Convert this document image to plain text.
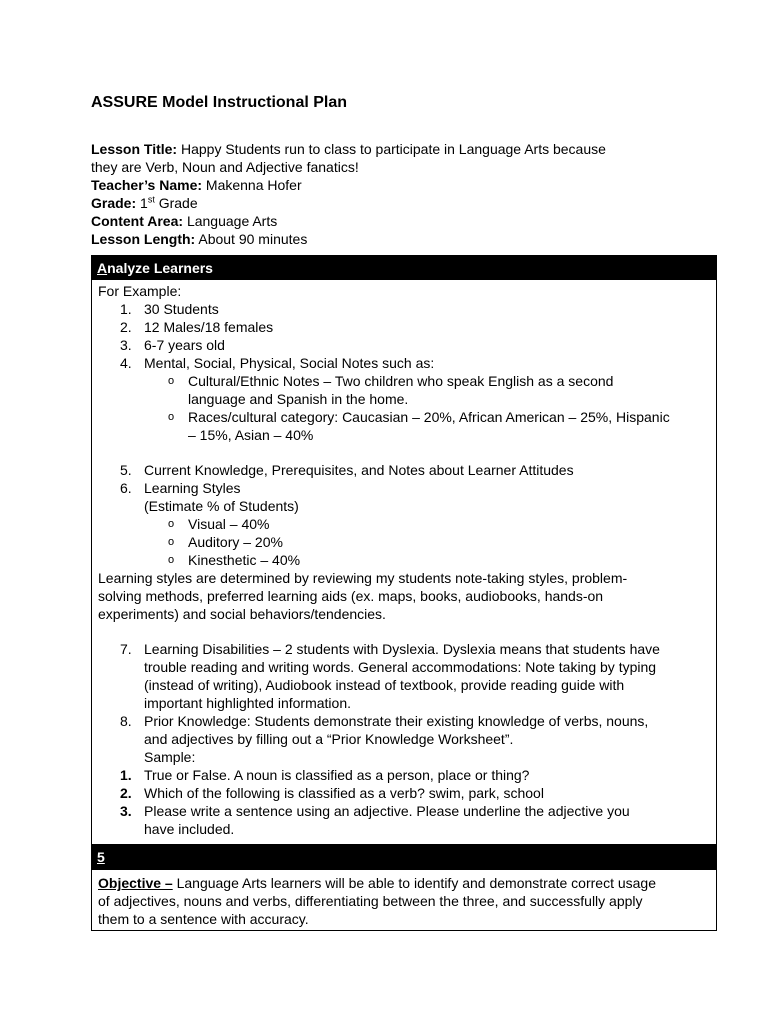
ASSURE Model Instructional Plan
Lesson Title: Happy Students run to class to participate in Language Arts because
they are Verb, Noun and Adjective fanatics!
Teacher’s Name: Makenna Hofer
Grade: 1st Grade
Content Area: Language Arts
Lesson Length: About 90 minutes
Analyze Learners
For Example:
1. 30 Students
2. 12 Males/18 females
3. 6-7 years old
4. Mental, Social, Physical, Social Notes such as:
o Cultural/Ethnic Notes – Two children who speak English as a second
language and Spanish in the home.
o Races/cultural category: Caucasian – 20%, African American – 25%, Hispanic
– 15%, Asian – 40%
5. Current Knowledge, Prerequisites, and Notes about Learner Attitudes
6. Learning Styles
(Estimate % of Students)
o Visual – 40%
o Auditory – 20%
o Kinesthetic – 40%
Learning styles are determined by reviewing my students note-taking styles, problem-
solving methods, preferred learning aids (ex. maps, books, audiobooks, hands-on
experiments) and social behaviors/tendencies.
7. Learning Disabilities – 2 students with Dyslexia. Dyslexia means that students have
trouble reading and writing words. General accommodations: Note taking by typing
(instead of writing), Audiobook instead of textbook, provide reading guide with
important highlighted information.
8. Prior Knowledge: Students demonstrate their existing knowledge of verbs, nouns,
and adjectives by filling out a “Prior Knowledge Worksheet”.
Sample:
1. True or False. A noun is classified as a person, place or thing?
2. Which of the following is classified as a verb? swim, park, school
3. Please write a sentence using an adjective. Please underline the adjective you
have included.
5
Objective – Language Arts learners will be able to identify and demonstrate correct usage
of adjectives, nouns and verbs, differentiating between the three, and successfully apply
them to a sentence with accuracy.
